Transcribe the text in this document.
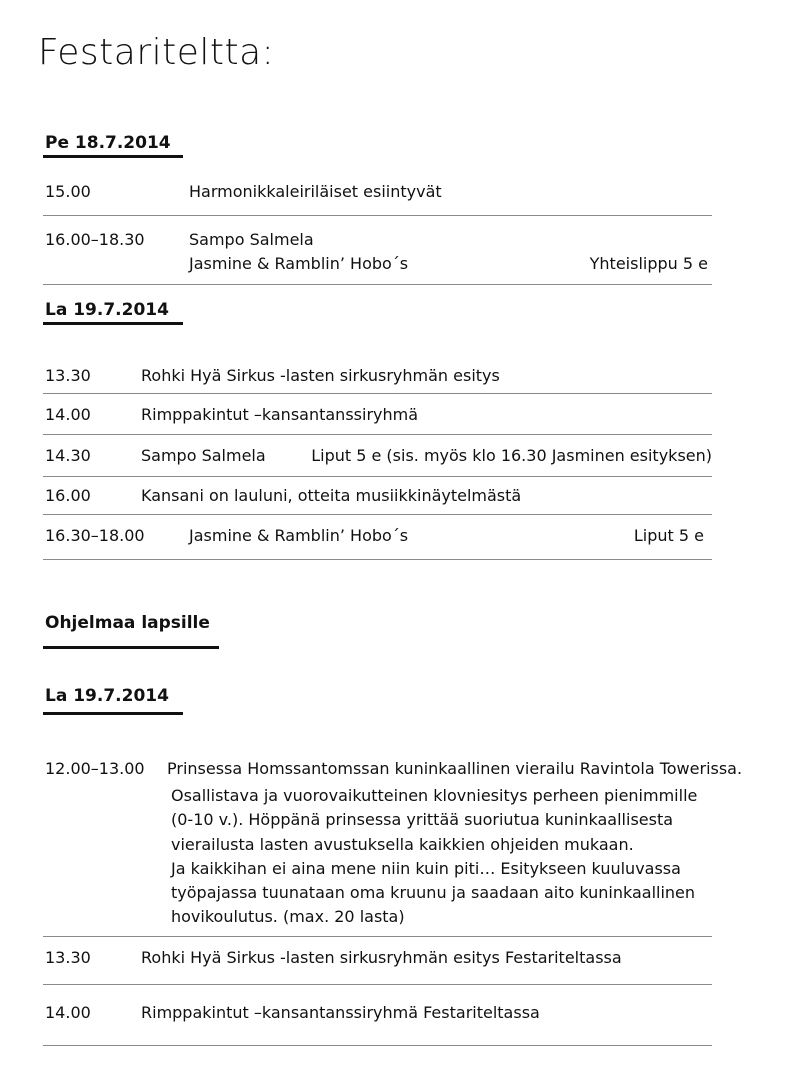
Festariteltta:
Pe 18.7.2014
15.00	Harmonikkaleiriläiset esiintyvät
16.00–18.30	Sampo Salmela
Jasmine & Ramblin’ Hobo´s	Yhteislippu 5 e
La 19.7.2014
13.30	Rohki Hyä Sirkus -lasten sirkusryhmän esitys
14.00	Rimppakintut –kansantanssiryhmä
14.30	Sampo Salmela	Liput 5 e (sis. myös klo 16.30 Jasminen esityksen)
16.00	Kansani on lauluni, otteita musiikkinäytelmästä
16.30–18.00	Jasmine & Ramblin’ Hobo´s	Liput 5 e
Ohjelmaa lapsille
La 19.7.2014
12.00–13.00 Prinsessa Homssantomssan kuninkaallinen vierailu Ravintola Towerissa.
Osallistava ja vuorovaikutteinen klovniesitys perheen pienimmille
(0-10 v.). Höppänä prinsessa yrittää suoriutua kuninkaallisesta
vierailusta lasten avustuksella kaikkien ohjeiden mukaan.
Ja kaikkihan ei aina mene niin kuin piti… Esitykseen kuuluvassa
työpajassa tuunataan oma kruunu ja saadaan aito kuninkaallinen
hovikoulutus. (max. 20 lasta)
13.30	Rohki Hyä Sirkus -lasten sirkusryhmän esitys Festariteltassa
14.00	Rimppakintut –kansantanssiryhmä Festariteltassa
